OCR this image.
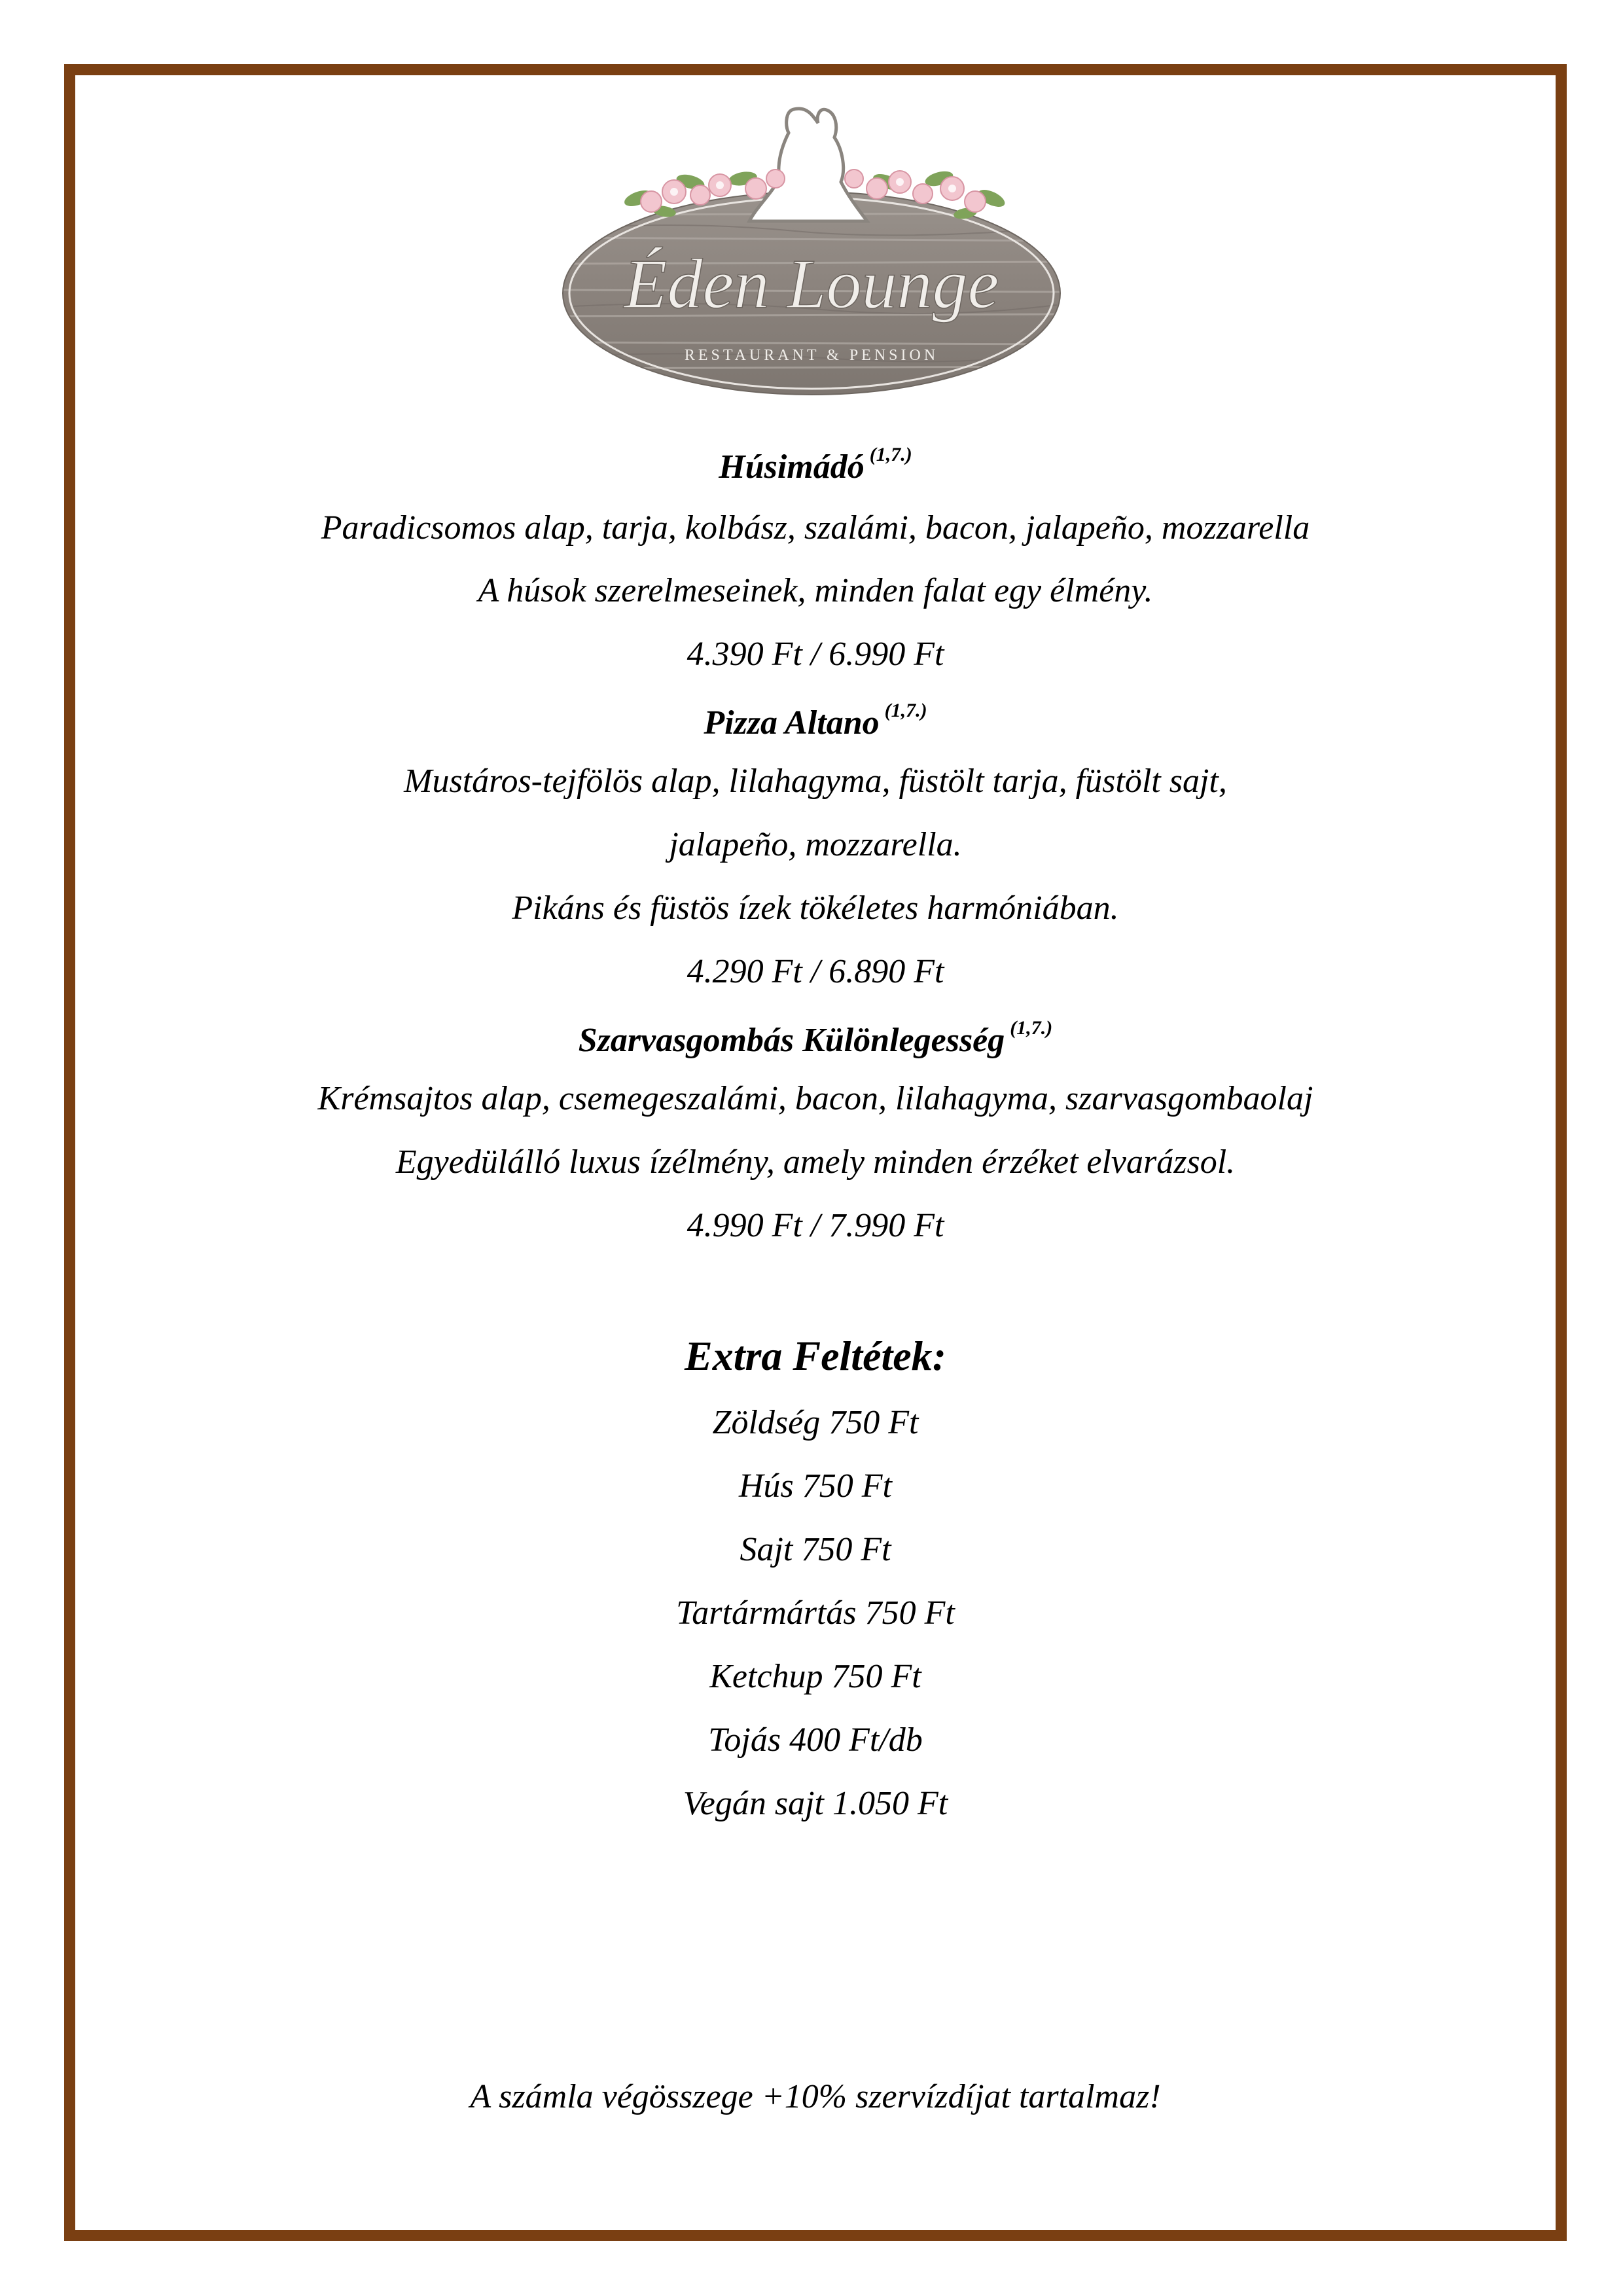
Éden Lounge
RESTAURANT & PENSION
Húsimádó $^{(1,7.)}$
Paradicsomos alap, tarja, kolbász, szalámi, bacon, jalapeño, mozzarella
A húsok szerelmeseinek, minden falat egy élmény.
4.390 Ft / 6.990 Ft
Pizza Altano $^{(1,7.)}$
Mustáros-tejfölös alap, lilahagyma, füstölt tarja, füstölt sajt,
jalapeño, mozzarella.
Pikáns és füstös ízek tökéletes harmóniában.
4.290 Ft / 6.890 Ft
Szarvasgombás Különlegesség $^{(1,7.)}$
Krémsajtos alap, csemegeszalámi, bacon, lilahagyma, szarvasgombaolaj
Egyedülálló luxus ízélmény, amely minden érzéket elvarázsol.
4.990 Ft / 7.990 Ft
Extra Feltétek:
Zöldség 750 Ft
Hús 750 Ft
Sajt 750 Ft
Tartármártás 750 Ft
Ketchup 750 Ft
Tojás 400 Ft/db
Vegán sajt 1.050 Ft
A számla végösszege +10% szervízdíjat tartalmaz!
